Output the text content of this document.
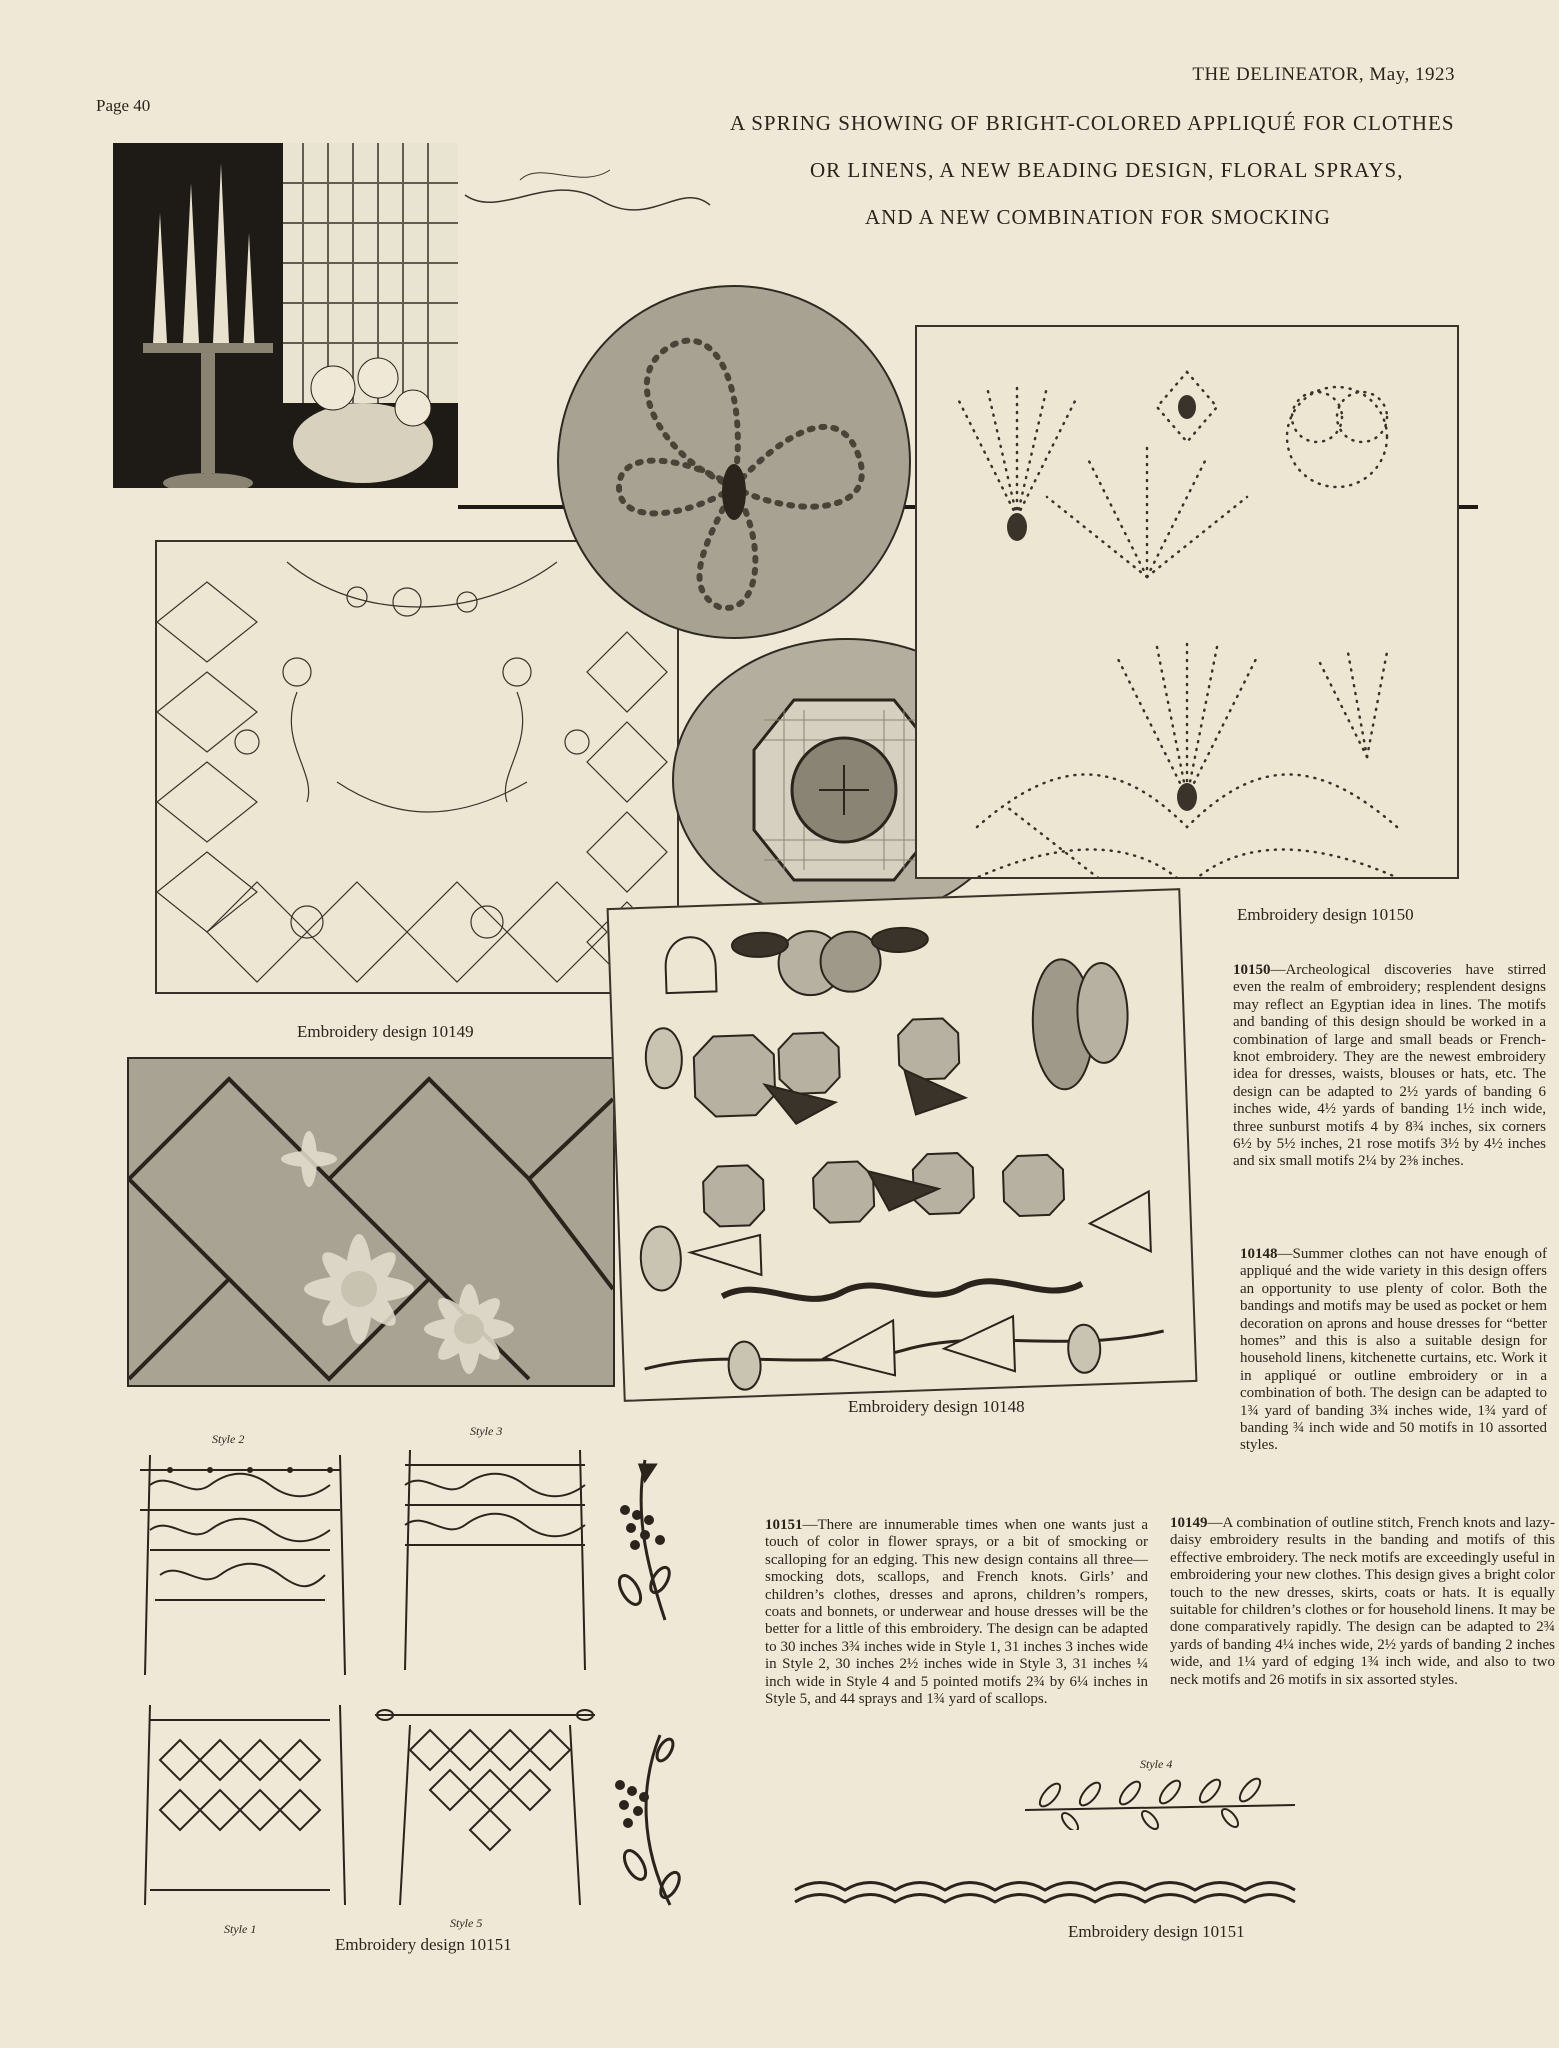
Page 40
THE DELINEATOR, May, 1923
A SPRING SHOWING OF BRIGHT-COLORED APPLIQUÉ FOR CLOTHES
OR LINENS, A NEW BEADING DESIGN, FLORAL SPRAYS,
AND A NEW COMBINATION FOR SMOCKING
Embroidery design 10149
Embroidery design 10150
Embroidery design 10148
10150—Archeological discoveries have stirred even the realm of embroidery; resplendent designs may reflect an Egyptian idea in lines. The motifs and banding of this design should be worked in a combination of large and small beads or French-knot embroidery. They are the newest embroidery idea for dresses, waists, blouses or hats, etc. The design can be adapted to 2½ yards of banding 6 inches wide, 4½ yards of banding 1½ inch wide, three sunburst motifs 4 by 8¾ inches, six corners 6½ by 5½ inches, 21 rose motifs 3½ by 4½ inches and six small motifs 2¼ by 2⅜ inches.
10148—Summer clothes can not have enough of appliqué and the wide variety in this design offers an opportunity to use plenty of color. Both the bandings and motifs may be used as pocket or hem decoration on aprons and house dresses for “better homes” and this is also a suitable design for household linens, kitchenette curtains, etc. Work it in appliqué or outline embroidery or in a combination of both. The design can be adapted to 1¾ yard of banding 3¾ inches wide, 1¾ yard of banding ¾ inch wide and 50 motifs in 10 assorted styles.
10149—A combination of outline stitch, French knots and lazy-daisy embroidery results in the banding and motifs of this effective embroidery. The neck motifs are exceedingly useful in embroidering your new clothes. This design gives a bright color touch to the new dresses, skirts, coats or hats. It is equally suitable for children’s clothes or for household linens. It may be done comparatively rapidly. The design can be adapted to 2¾ yards of banding 4¼ inches wide, 2½ yards of banding 2 inches wide, and 1¼ yard of edging 1¾ inch wide, and also to two neck motifs and 26 motifs in six assorted styles.
10151—There are innumerable times when one wants just a touch of color in flower sprays, or a bit of smocking or scalloping for an edging. This new design contains all three—smocking dots, scallops, and French knots. Girls’ and children’s clothes, dresses and aprons, children’s rompers, coats and bonnets, or underwear and house dresses will be the better for a little of this embroidery. The design can be adapted to 30 inches 3¾ inches wide in Style 1, 31 inches 3 inches wide in Style 2, 30 inches 2½ inches wide in Style 3, 31 inches ¼ inch wide in Style 4 and 5 pointed motifs 2¾ by 6¼ inches in Style 5, and 44 sprays and 1¾ yard of scallops.
Style 2
Style 3
Style 1	Style 5
Style 4
Embroidery design 10151
Embroidery design 10151
